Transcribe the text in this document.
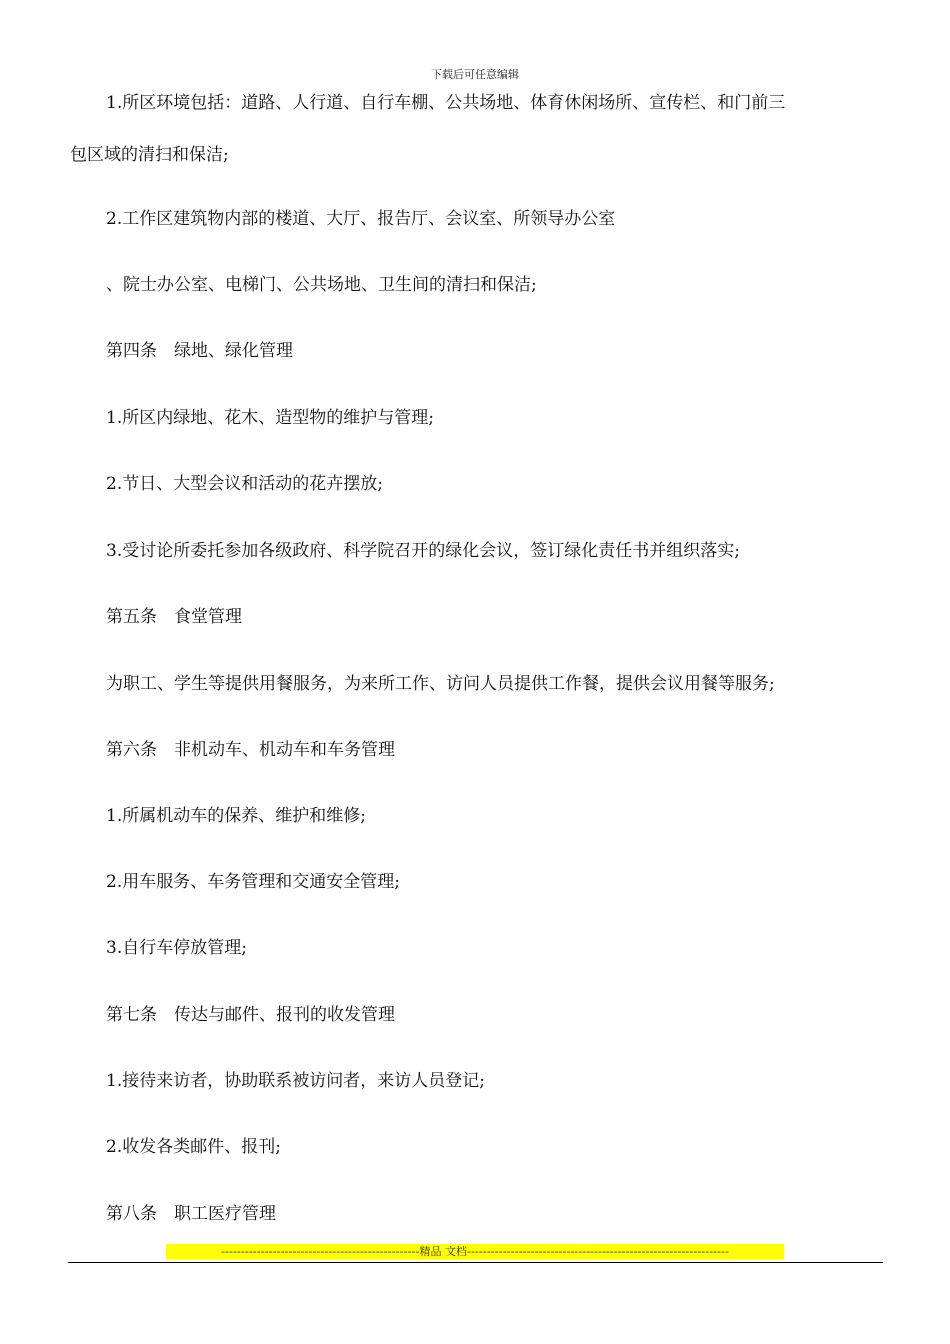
下载后可任意编辑
1.所区环境包括：道路、人行道、自行车棚、公共场地、体育休闲场所、宣传栏、和门前三
包区域的清扫和保洁;
2.工作区建筑物内部的楼道、大厅、报告厅、会议室、所领导办公室
、院士办公室、电梯门、公共场地、卫生间的清扫和保洁;
第四条　绿地、绿化管理
1.所区内绿地、花木、造型物的维护与管理;
2.节日、大型会议和活动的花卉摆放;
3.受讨论所委托参加各级政府、科学院召开的绿化会议，签订绿化责任书并组织落实;
第五条　食堂管理
为职工、学生等提供用餐服务，为来所工作、访问人员提供工作餐，提供会议用餐等服务;
第六条　非机动车、机动车和车务管理
1.所属机动车的保养、维护和维修;
2.用车服务、车务管理和交通安全管理;
3.自行车停放管理;
第七条　传达与邮件、报刊的收发管理
1.接待来访者，协助联系被访问者，来访人员登记;
2.收发各类邮件、报刊;
第八条　职工医疗管理
--------------------------------------------------精品 文档------------------------------------------------------------------
